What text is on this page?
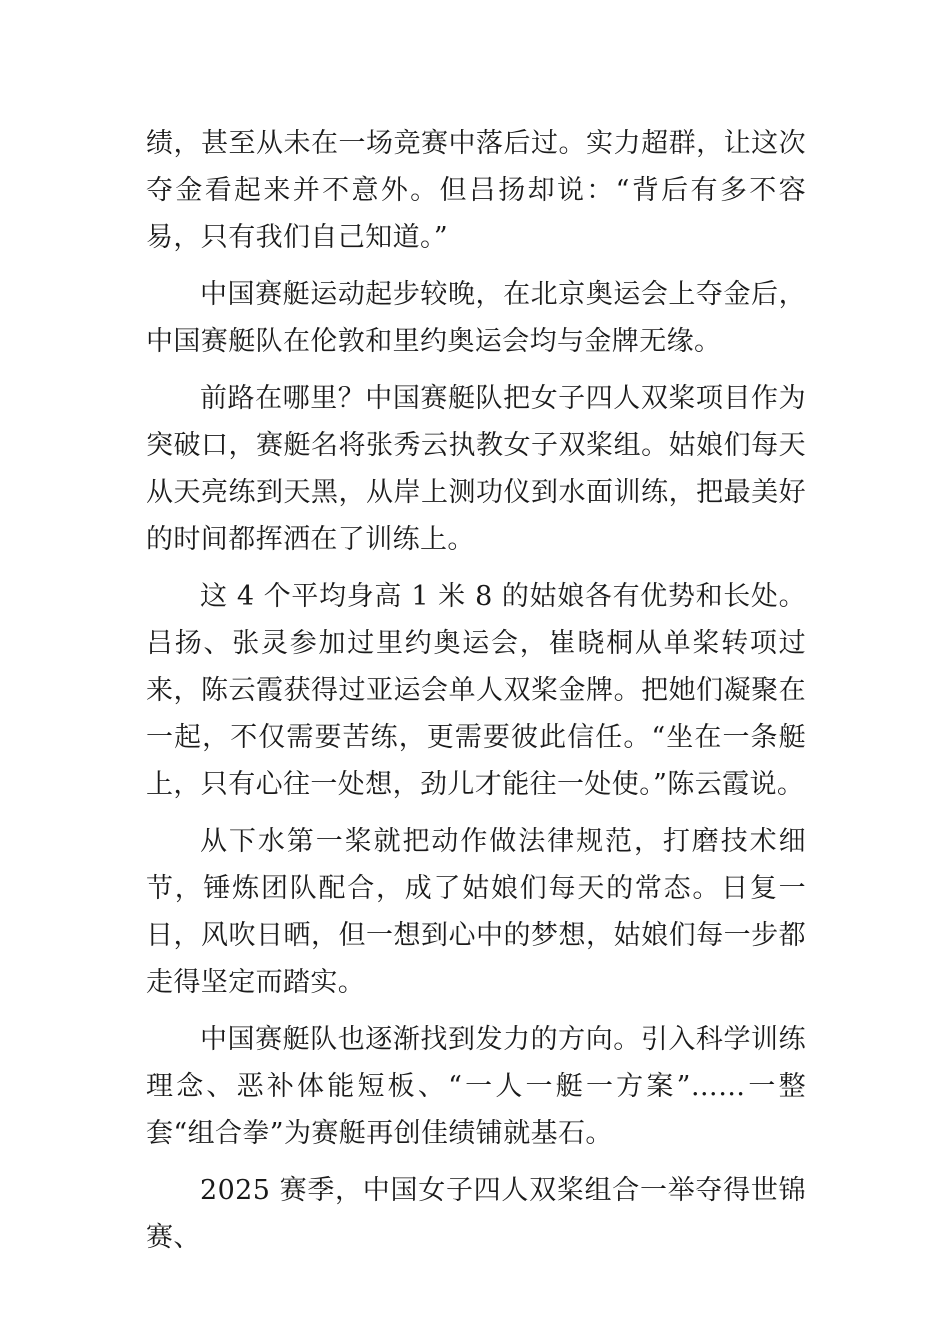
绩，甚至从未在一场竞赛中落后过。实力超群，让这次夺金看起来并不意外。但吕扬却说：“背后有多不容易，只有我们自己知道。”

中国赛艇运动起步较晚，在北京奥运会上夺金后，中国赛艇队在伦敦和里约奥运会均与金牌无缘。

前路在哪里？中国赛艇队把女子四人双桨项目作为突破口，赛艇名将张秀云执教女子双桨组。姑娘们每天从天亮练到天黑，从岸上测功仪到水面训练，把最美好的时间都挥洒在了训练上。

这 4 个平均身高 1 米 8 的姑娘各有优势和长处。吕扬、张灵参加过里约奥运会，崔晓桐从单桨转项过来，陈云霞获得过亚运会单人双桨金牌。把她们凝聚在一起，不仅需要苦练，更需要彼此信任。“坐在一条艇上，只有心往一处想，劲儿才能往一处使。”陈云霞说。

从下水第一桨就把动作做法律规范，打磨技术细节，锤炼团队配合，成了姑娘们每天的常态。日复一日，风吹日晒，但一想到心中的梦想，姑娘们每一步都走得坚定而踏实。

中国赛艇队也逐渐找到发力的方向。引入科学训练理念、恶补体能短板、“一人一艇一方案”……一整套“组合拳”为赛艇再创佳绩铺就基石。

2025 赛季，中国女子四人双桨组合一举夺得世锦赛、
